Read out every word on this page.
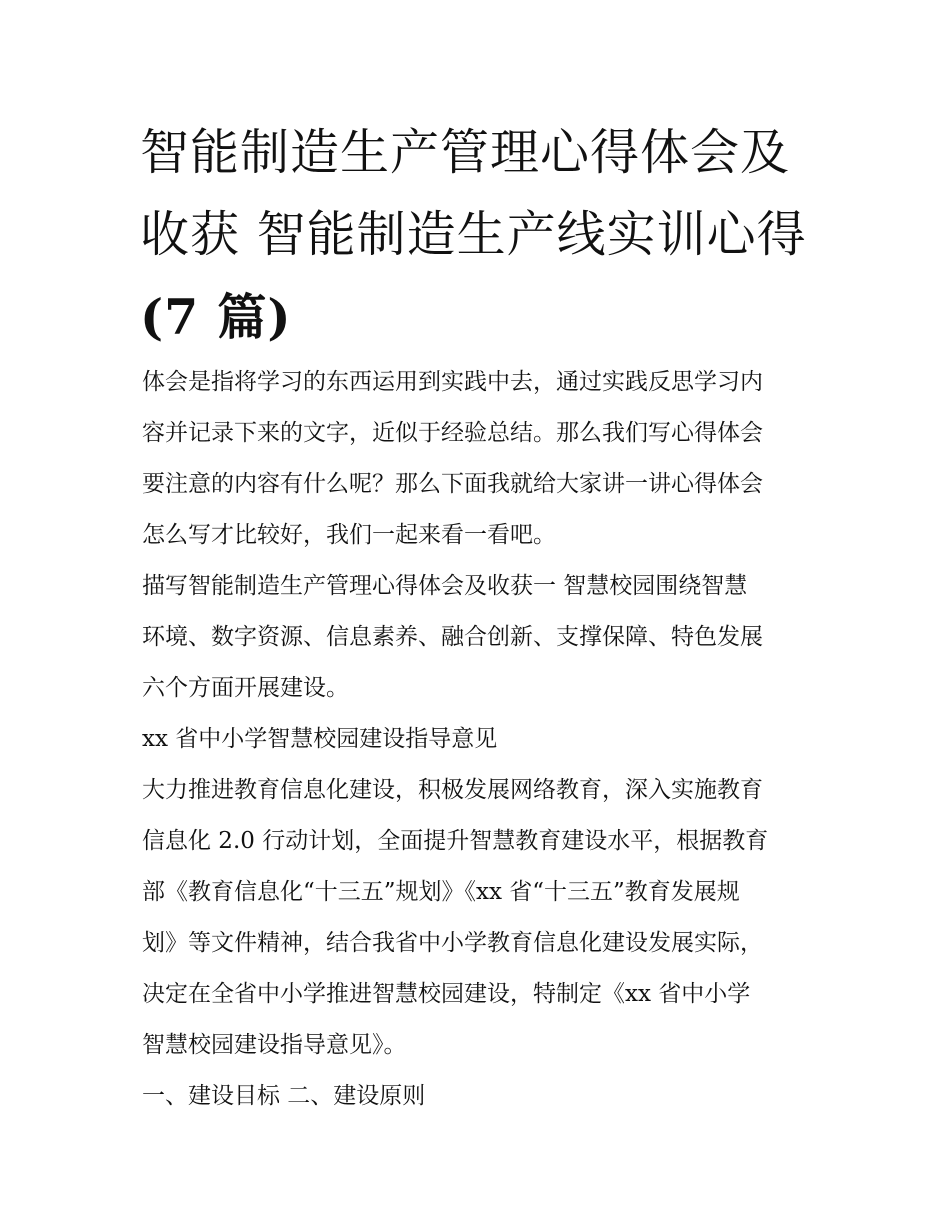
智能制造生产管理心得体会及
收获 智能制造生产线实训心得
(7 篇)
体会是指将学习的东西运用到实践中去，通过实践反思学习内
容并记录下来的文字，近似于经验总结。那么我们写心得体会
要注意的内容有什么呢？那么下面我就给大家讲一讲心得体会
怎么写才比较好，我们一起来看一看吧。
描写智能制造生产管理心得体会及收获一 智慧校园围绕智慧
环境、数字资源、信息素养、融合创新、支撑保障、特色发展
六个方面开展建设。
xx 省中小学智慧校园建设指导意见
大力推进教育信息化建设，积极发展网络教育，深入实施教育
信息化 2.0 行动计划，全面提升智慧教育建设水平，根据教育
部《教育信息化“十三五”规划》《xx 省“十三五”教育发展规
划》等文件精神，结合我省中小学教育信息化建设发展实际，
决定在全省中小学推进智慧校园建设，特制定《xx 省中小学
智慧校园建设指导意见》。
一、建设目标 二、建设原则
